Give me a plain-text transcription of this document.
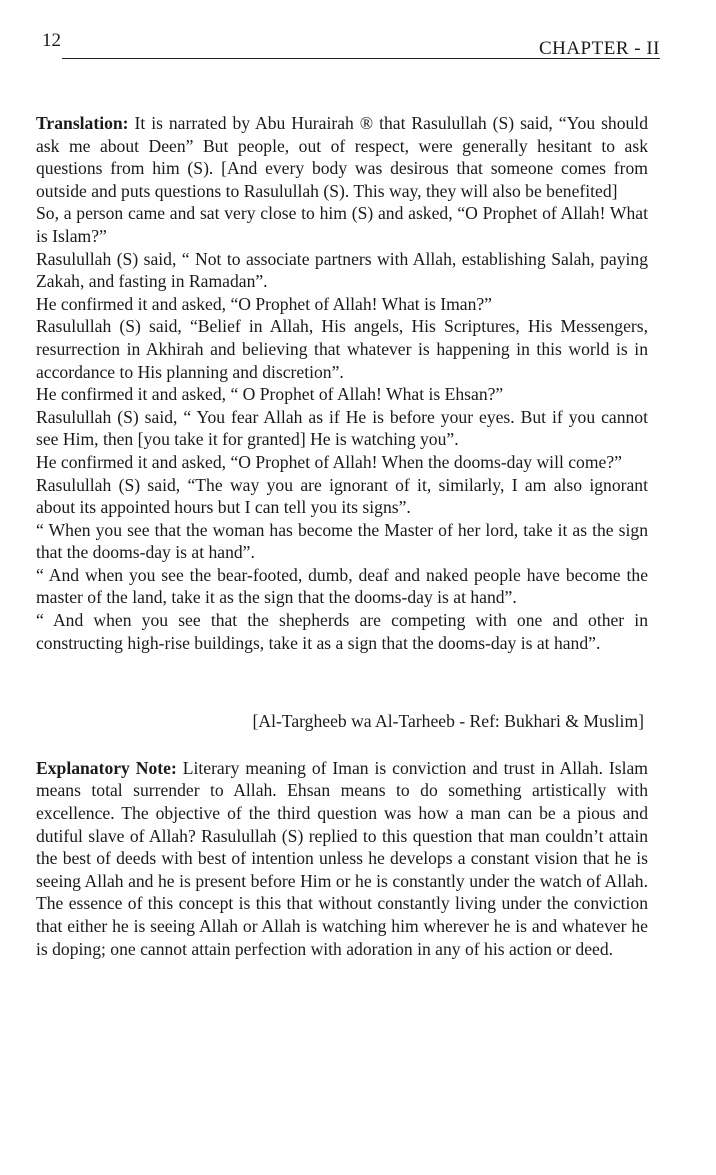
12	CHAPTER - II

Translation: It is narrated by Abu Hurairah ® that Rasulullah (S) said, “You should ask me about Deen” But people, out of respect, were generally hesitant to ask questions from him (S). [And every body was desirous that someone comes from outside and puts questions to Rasulullah (S). This way, they will also be benefited]

So, a person came and sat very close to him (S) and asked, “O Prophet of Allah! What is Islam?”

Rasulullah (S) said, “ Not to associate partners with Allah, establishing Salah, paying Zakah, and fasting in Ramadan”.

He confirmed it and asked, “O Prophet of Allah! What is Iman?”

Rasulullah (S) said, “Belief in Allah, His angels, His Scriptures, His Messengers, resurrection in Akhirah and believing that whatever is happening in this world is in accordance to His planning and discretion”.

He confirmed it and asked, “ O Prophet of Allah! What is Ehsan?”

Rasulullah (S) said, “ You fear Allah as if He is before your eyes. But if you cannot see Him, then [you take it for granted] He is watching you”.

He confirmed it and asked, “O Prophet of Allah! When the dooms-day will come?”

Rasulullah (S) said, “The way you are ignorant of it, similarly, I am also ignorant about its appointed hours but I can tell you its signs”.

“ When you see that the woman has become the Master of her lord, take it as the sign that the dooms-day is at hand”.

“ And when you see the bear-footed, dumb, deaf and naked people have become the master of the land, take it as the sign that the dooms-day is at hand”.

“ And when you see that the shepherds are competing with one and other in constructing high-rise buildings, take it as a sign that the dooms-day is at hand”.

[Al-Targheeb wa Al-Tarheeb - Ref: Bukhari & Muslim]

Explanatory Note: Literary meaning of Iman is conviction and trust in Allah. Islam means total surrender to Allah. Ehsan means to do something artistically with excellence. The objective of the third question was how a man can be a pious and dutiful slave of Allah? Rasulullah (S) replied to this question that man couldn’t attain the best of deeds with best of intention unless he develops a constant vision that he is seeing Allah and he is present before Him or he is constantly under the watch of Allah. The essence of this concept is this that without constantly living under the conviction that either he is seeing Allah or Allah is watching him wherever he is and whatever he is doping; one cannot attain perfection with adoration in any of his action or deed.
